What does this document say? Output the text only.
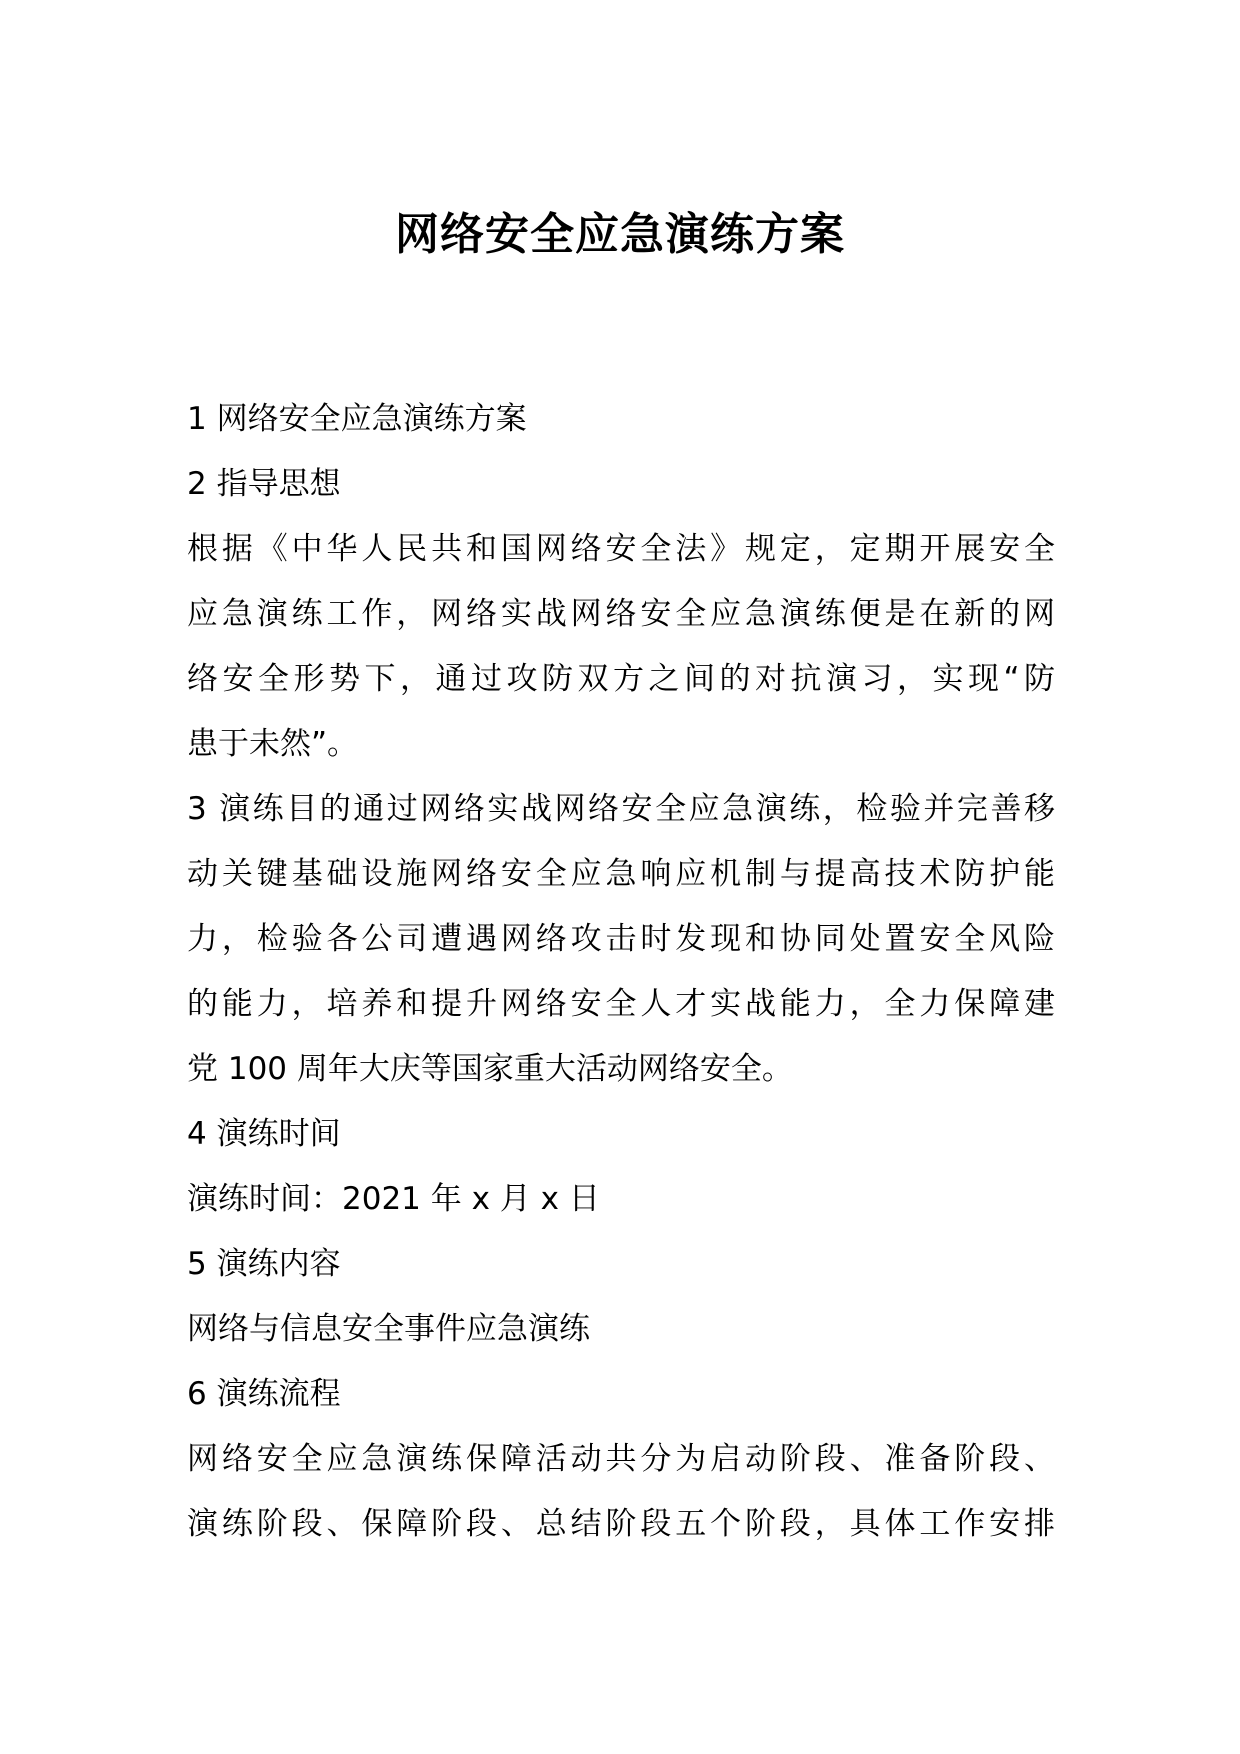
网络安全应急演练方案
1 网络安全应急演练方案
2 指导思想
根据《中华人民共和国网络安全法》规定，定期开展安全
应急演练工作，网络实战网络安全应急演练便是在新的网
络安全形势下，通过攻防双方之间的对抗演习，实现“防
患于未然”。
3 演练目的通过网络实战网络安全应急演练，检验并完善移
动关键基础设施网络安全应急响应机制与提高技术防护能
力，检验各公司遭遇网络攻击时发现和协同处置安全风险
的能力，培养和提升网络安全人才实战能力，全力保障建
党 100 周年大庆等国家重大活动网络安全。
4 演练时间
演练时间：2021 年 x 月 x 日
5 演练内容
网络与信息安全事件应急演练
6 演练流程
网络安全应急演练保障活动共分为启动阶段、准备阶段、
演练阶段、保障阶段、总结阶段五个阶段，具体工作安排
